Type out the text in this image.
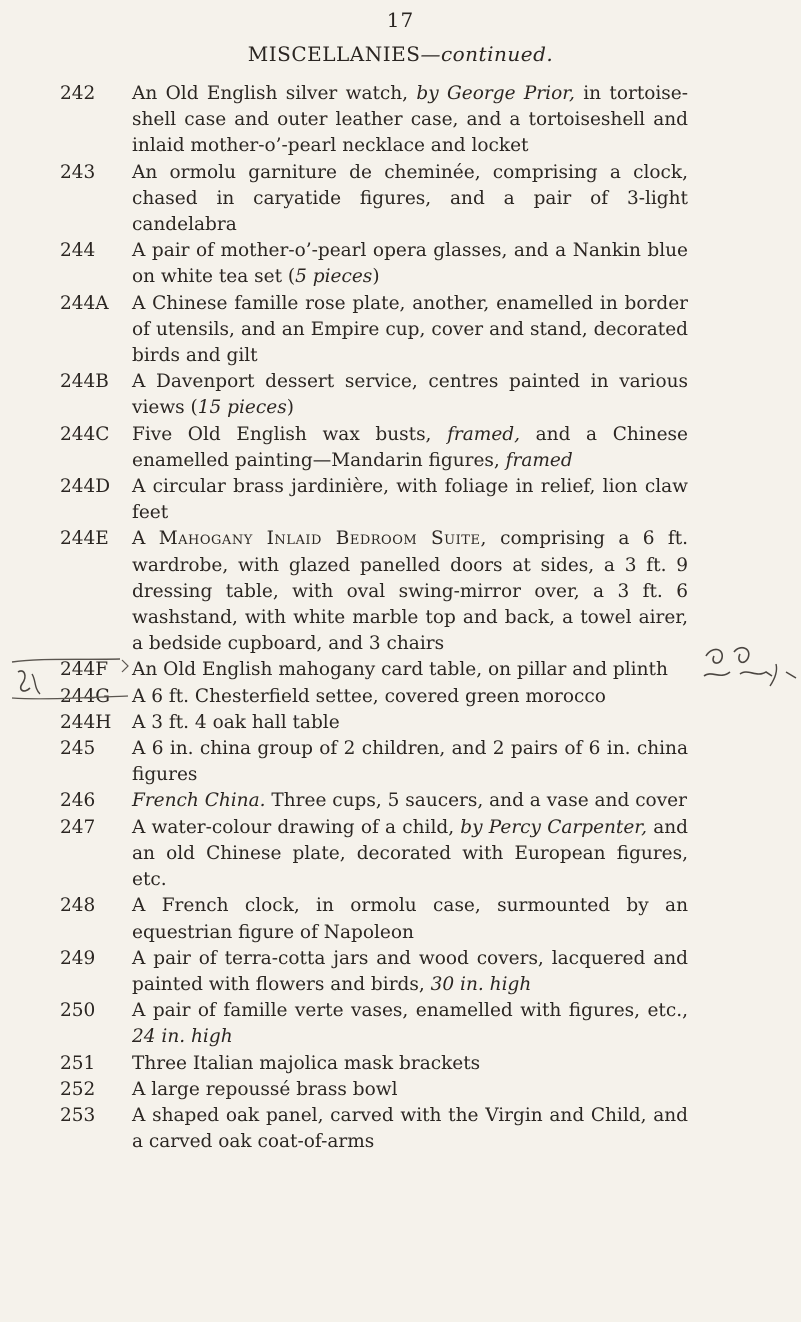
17
MISCELLANIES—continued.
242	An Old English silver watch, by George Prior, in tortoise-shell case and outer leather case, and a tortoiseshell and inlaid mother-o’-pearl necklace and locket
243	An ormolu garniture de cheminée, comprising a clock, chased in caryatide figures, and a pair of 3-light candelabra
244	A pair of mother-o’-pearl opera glasses, and a Nankin blue on white tea set (5 pieces)
244A	A Chinese famille rose plate, another, enamelled in border of utensils, and an Empire cup, cover and stand, decorated birds and gilt
244B	A Davenport dessert service, centres painted in various views (15 pieces)
244C	Five Old English wax busts, framed, and a Chinese enamelled painting—Mandarin figures, framed
244D	A circular brass jardinière, with foliage in relief, lion claw feet
244E	A Mahogany Inlaid Bedroom Suite, comprising a 6 ft. wardrobe, with glazed panelled doors at sides, a 3 ft. 9 dressing table, with oval swing-mirror over, a 3 ft. 6 washstand, with white marble top and back, a towel airer, a bedside cupboard, and 3 chairs
244F	An Old English mahogany card table, on pillar and plinth
244G	A 6 ft. Chesterfield settee, covered green morocco
244H	A 3 ft. 4 oak hall table
245	A 6 in. china group of 2 children, and 2 pairs of 6 in. china figures
246	French China. Three cups, 5 saucers, and a vase and cover
247	A water-colour drawing of a child, by Percy Carpenter, and an old Chinese plate, decorated with European figures, etc.
248	A French clock, in ormolu case, surmounted by an equestrian figure of Napoleon
249	A pair of terra-cotta jars and wood covers, lacquered and painted with flowers and birds, 30 in. high
250	A pair of famille verte vases, enamelled with figures, etc., 24 in. high
251	Three Italian majolica mask brackets
252	A large repoussé brass bowl
253	A shaped oak panel, carved with the Virgin and Child, and a carved oak coat-of-arms
